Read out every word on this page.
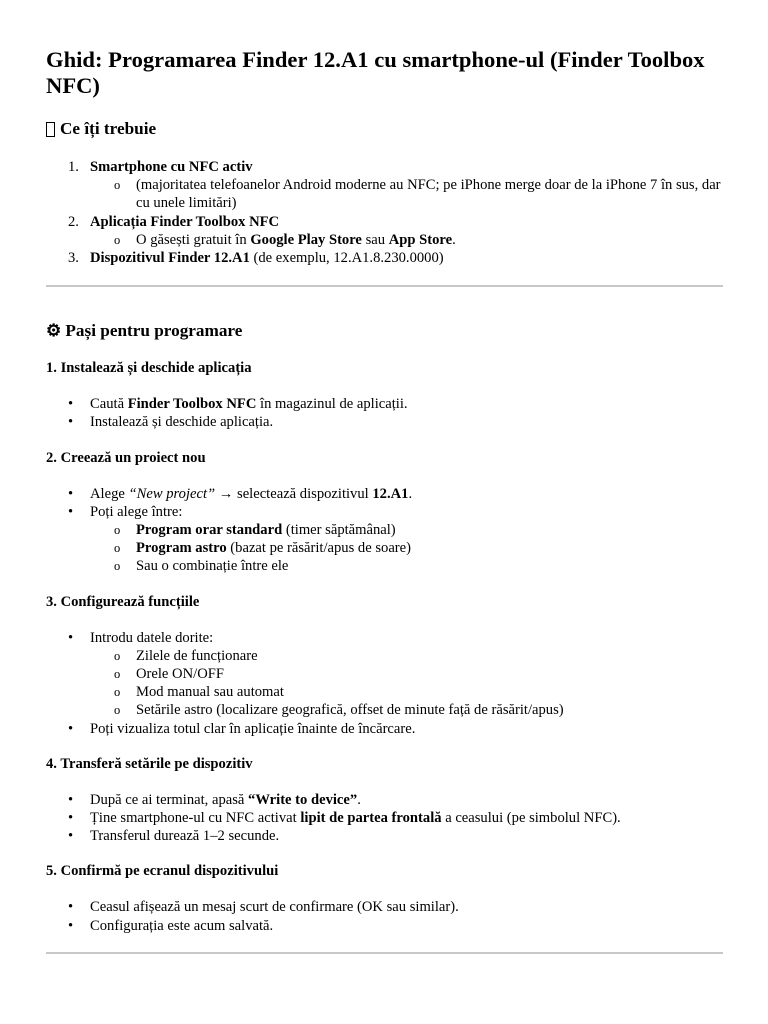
Ghid: Programarea Finder 12.A1 cu smartphone-ul (Finder Toolbox NFC)
Ce îți trebuie
1. Smartphone cu NFC activ
o (majoritatea telefoanelor Android moderne au NFC; pe iPhone merge doar de la iPhone 7 în sus, dar cu unele limitări)
2. Aplicația Finder Toolbox NFC
o O găsești gratuit în Google Play Store sau App Store.
3. Dispozitivul Finder 12.A1 (de exemplu, 12.A1.8.230.0000)
⚙ Pași pentru programare
1. Instalează și deschide aplicația
• Caută Finder Toolbox NFC în magazinul de aplicații.
• Instalează și deschide aplicația.
2. Creează un proiect nou
• Alege “New project” → selectează dispozitivul 12.A1.
• Poți alege între:
o Program orar standard (timer săptămânal)
o Program astro (bazat pe răsărit/apus de soare)
o Sau o combinație între ele
3. Configurează funcțiile
• Introdu datele dorite:
o Zilele de funcționare
o Orele ON/OFF
o Mod manual sau automat
o Setările astro (localizare geografică, offset de minute față de răsărit/apus)
• Poți vizualiza totul clar în aplicație înainte de încărcare.
4. Transferă setările pe dispozitiv
• După ce ai terminat, apasă “Write to device”.
• Ține smartphone-ul cu NFC activat lipit de partea frontală a ceasului (pe simbolul NFC).
• Transferul durează 1–2 secunde.
5. Confirmă pe ecranul dispozitivului
• Ceasul afișează un mesaj scurt de confirmare (OK sau similar).
• Configurația este acum salvată.
